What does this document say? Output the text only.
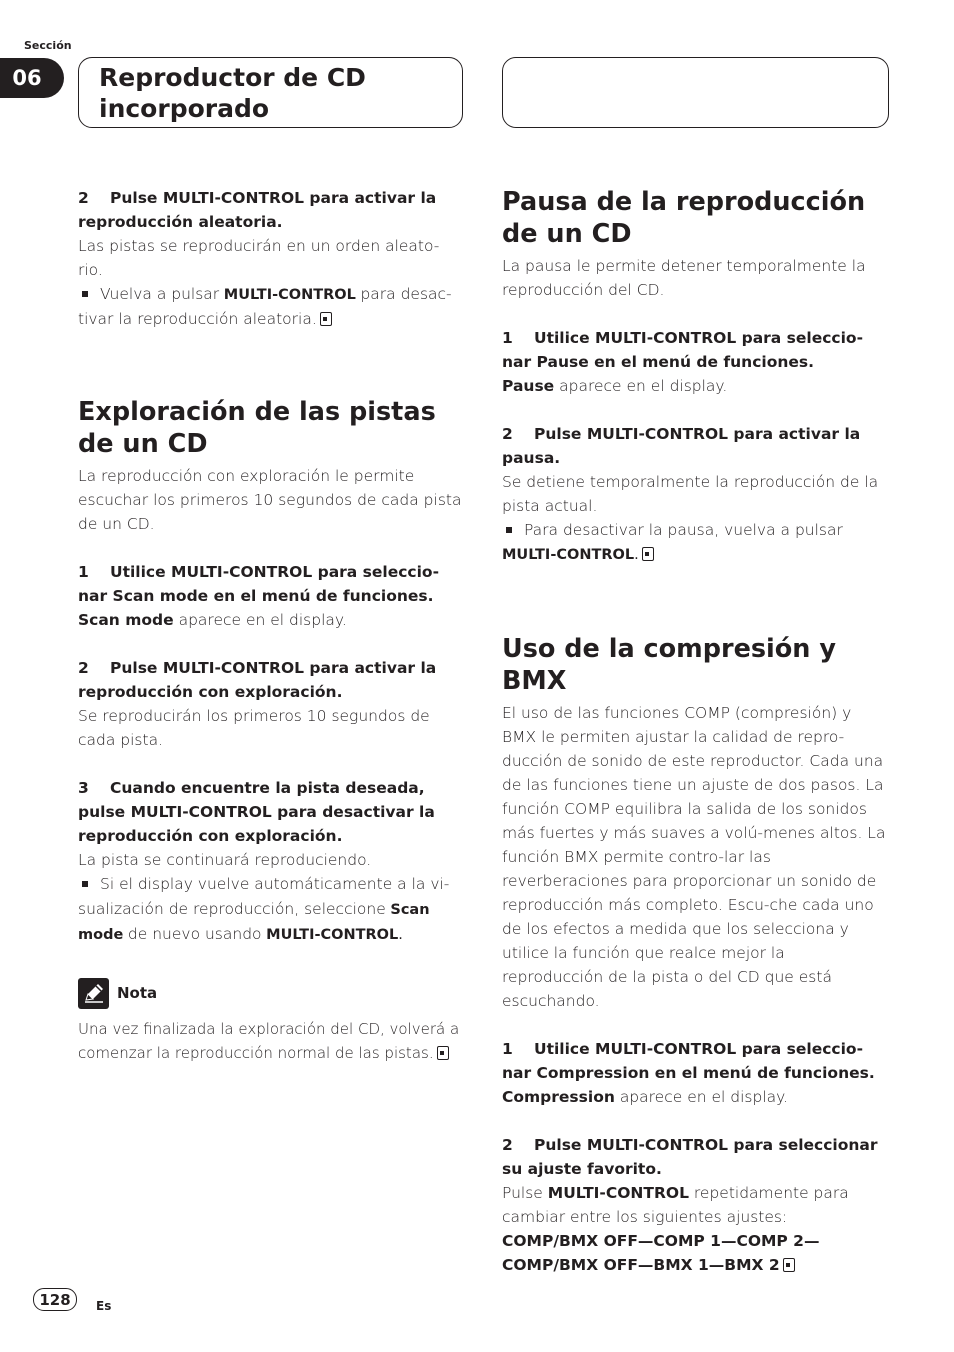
Sección
06	Reproductor de CD incorporado

2 Pulse MULTI-CONTROL para activar la reproducción aleatoria.

Las pistas se reproducirán en un orden aleato-rio.

Vuelva a pulsar MULTI-CONTROL para desac-tivar la reproducción aleatoria.

Exploración de las pistas de un CD

La reproducción con exploración le permite escuchar los primeros 10 segundos de cada pista de un CD.

1 Utilice MULTI-CONTROL para seleccio-nar Scan mode en el menú de funciones.

Scan mode aparece en el display.

2 Pulse MULTI-CONTROL para activar la reproducción con exploración.

Se reproducirán los primeros 10 segundos de cada pista.

3 Cuando encuentre la pista deseada, pulse MULTI-CONTROL para desactivar la reproducción con exploración.

La pista se continuará reproduciendo.

Si el display vuelve automáticamente a la vi-sualización de reproducción, seleccione Scan mode de nuevo usando MULTI-CONTROL.

Nota

Una vez finalizada la exploración del CD, volverá a comenzar la reproducción normal de las pistas.

Pausa de la reproducción de un CD

La pausa le permite detener temporalmente la reproducción del CD.

1 Utilice MULTI-CONTROL para seleccio-nar Pause en el menú de funciones.

Pause aparece en el display.

2 Pulse MULTI-CONTROL para activar la pausa.

Se detiene temporalmente la reproducción de la pista actual.

Para desactivar la pausa, vuelva a pulsar
MULTI-CONTROL.

Uso de la compresión y BMX

El uso de las funciones COMP (compresión) y BMX le permiten ajustar la calidad de repro-ducción de sonido de este reproductor. Cada una de las funciones tiene un ajuste de dos pasos. La función COMP equilibra la salida de los sonidos más fuertes y más suaves a volú-menes altos. La función BMX permite contro-lar las reverberaciones para proporcionar un sonido de reproducción más completo. Escu-che cada uno de los efectos a medida que los selecciona y utilice la función que realce mejor la reproducción de la pista o del CD que está escuchando.

1 Utilice MULTI-CONTROL para seleccio-nar Compression en el menú de funciones.

Compression aparece en el display.

2 Pulse MULTI-CONTROL para seleccionar su ajuste favorito.

Pulse MULTI-CONTROL repetidamente para cambiar entre los siguientes ajustes:

COMP/BMX OFF—COMP 1—COMP 2—

COMP/BMX OFF—BMX 1—BMX 2

128	Es
